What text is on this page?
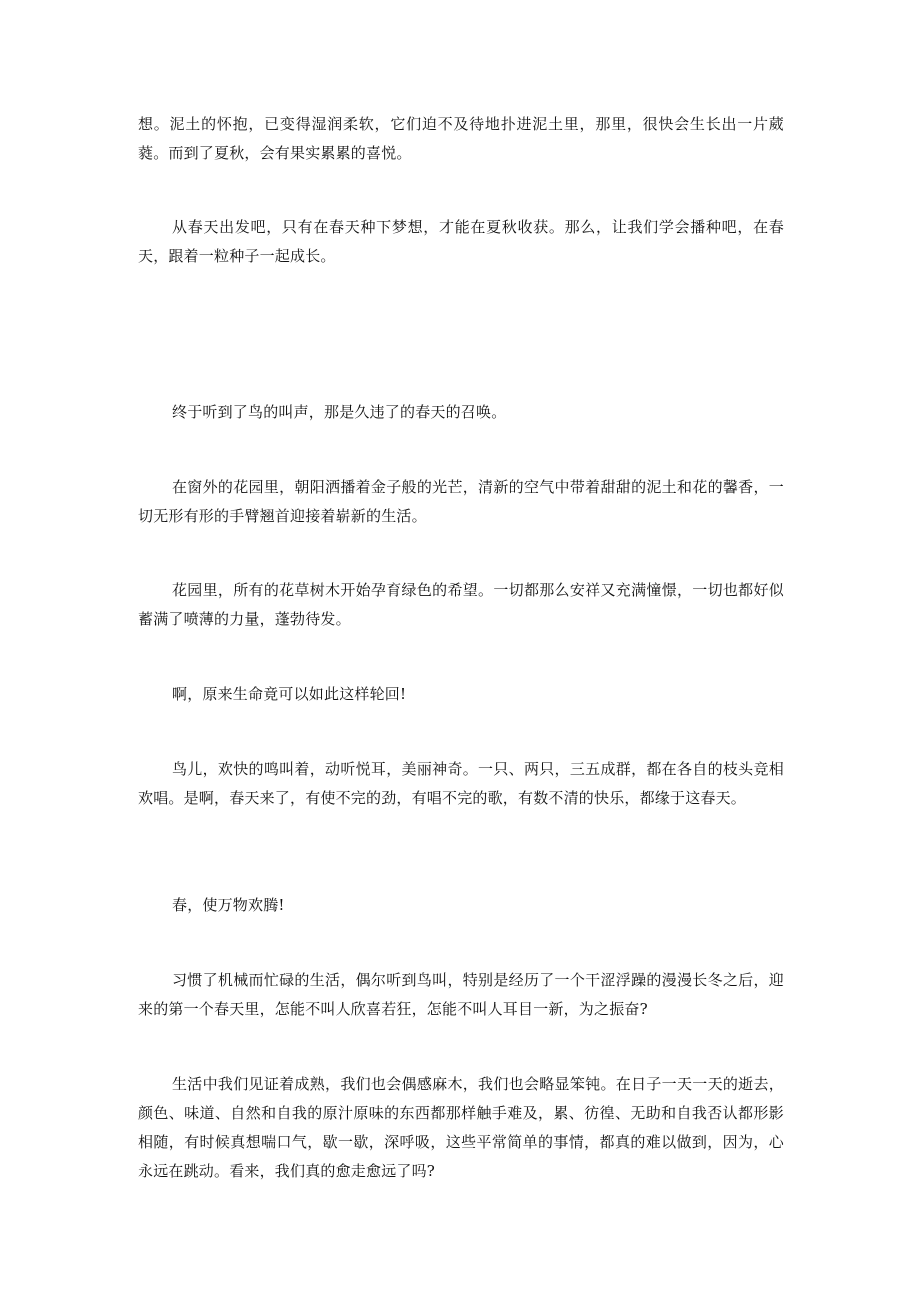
想。泥土的怀抱，已变得湿润柔软，它们迫不及待地扑进泥土里，那里，很快会生长出一片葳蕤。而到了夏秋，会有果实累累的喜悦。

从春天出发吧，只有在春天种下梦想，才能在夏秋收获。那么，让我们学会播种吧，在春天，跟着一粒种子一起成长。

终于听到了鸟的叫声，那是久违了的春天的召唤。

在窗外的花园里，朝阳洒播着金子般的光芒，清新的空气中带着甜甜的泥土和花的馨香，一切无形有形的手臂翘首迎接着崭新的生活。

花园里，所有的花草树木开始孕育绿色的希望。一切都那么安祥又充满憧憬，一切也都好似蓄满了喷薄的力量，蓬勃待发。

啊，原来生命竟可以如此这样轮回!

鸟儿，欢快的鸣叫着，动听悦耳，美丽神奇。一只、两只，三五成群，都在各自的枝头竞相欢唱。是啊，春天来了，有使不完的劲，有唱不完的歌，有数不清的快乐，都缘于这春天。

春，使万物欢腾!

习惯了机械而忙碌的生活，偶尔听到鸟叫，特别是经历了一个干涩浮躁的漫漫长冬之后，迎来的第一个春天里，怎能不叫人欣喜若狂，怎能不叫人耳目一新，为之振奋?

生活中我们见证着成熟，我们也会偶感麻木，我们也会略显笨钝。在日子一天一天的逝去，颜色、味道、自然和自我的原汁原味的东西都那样触手难及，累、彷徨、无助和自我否认都形影相随，有时候真想喘口气，歇一歇，深呼吸，这些平常简单的事情，都真的难以做到，因为，心永远在跳动。看来，我们真的愈走愈远了吗?
